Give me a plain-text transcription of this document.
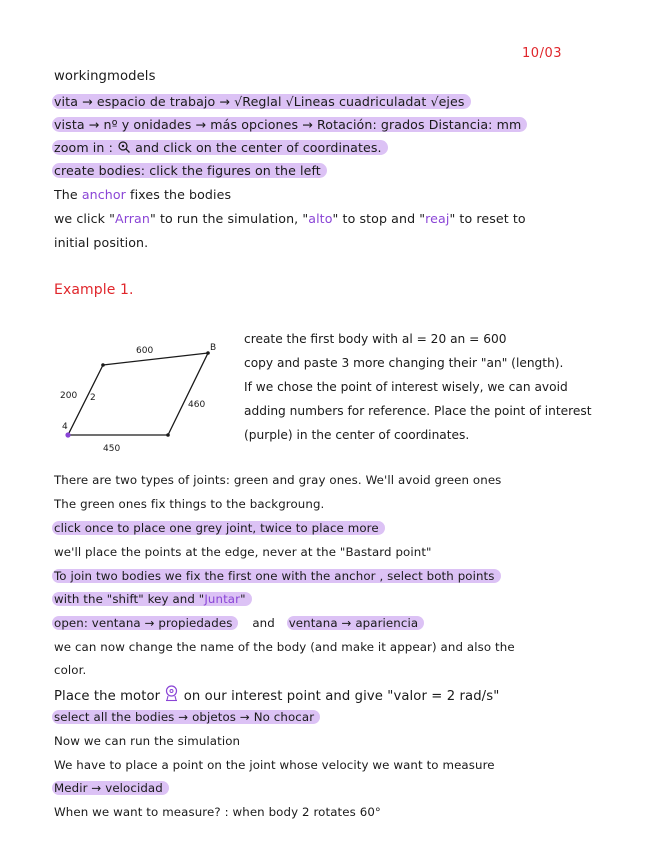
10/03
workingmodels
vita → espacio de trabajo → √Reglal √Lineas cuadriculadat √ejes
vista → nº y onidades → más opciones → Rotación: grados Distancia: mm
zoom in : and click on the center of coordinates.
create bodies: click the figures on the left
The anchor fixes the bodies
we click "Arran" to run the simulation, "alto" to stop and "reaj" to reset to
initial position.
Example 1.
600	B
200
460
450
2
4
create the first body with al = 20 an = 600
copy and paste 3 more changing their "an" (length).
If we chose the point of interest wisely, we can avoid
adding numbers for reference. Place the point of interest
(purple) in the center of coordinates.
There are two types of joints: green and gray ones. We'll avoid green ones
The green ones fix things to the backgroung.
click once to place one grey joint, twice to place more
we'll place the points at the edge, never at the "Bastard point"
To join two bodies we fix the first one with the anchor , select both points
with the "shift" key and "Juntar"
open: ventana → propiedades and ventana → apariencia
we can now change the name of the body (and make it appear) and also the
color.
Place the motor on our interest point and give "valor = 2 rad/s"
select all the bodies → objetos → No chocar
Now we can run the simulation
We have to place a point on the joint whose velocity we want to measure
Medir → velocidad
When we want to measure? : when body 2 rotates 60°
